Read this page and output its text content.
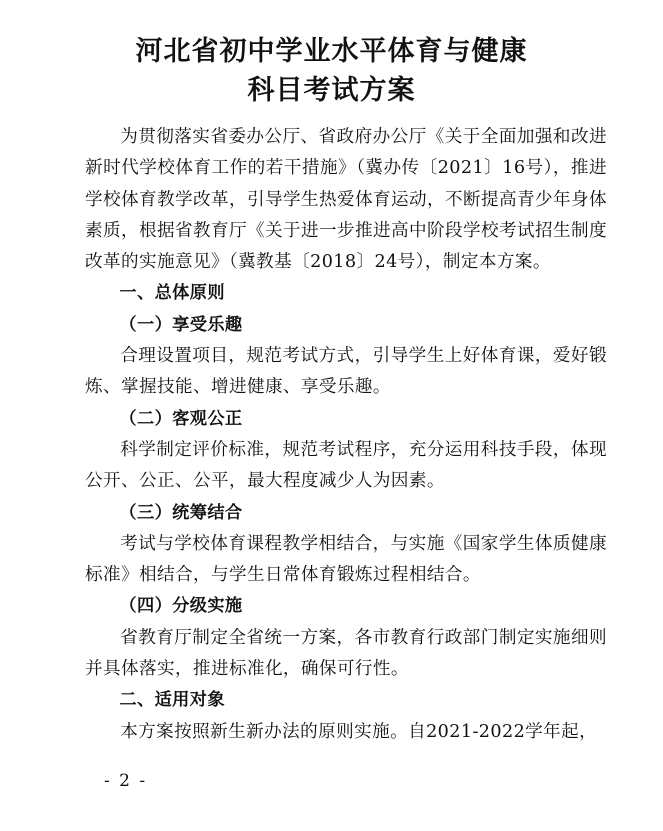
河北省初中学业水平体育与健康
科目考试方案

为贯彻落实省委办公厅、省政府办公厅《关于全面加强和改进新时代学校体育工作的若干措施》（冀办传〔2021〕16号），推进学校体育教学改革，引导学生热爱体育运动，不断提高青少年身体素质，根据省教育厅《关于进一步推进高中阶段学校考试招生制度改革的实施意见》（冀教基〔2018〕24号），制定本方案。

一、总体原则

（一）享受乐趣

合理设置项目，规范考试方式，引导学生上好体育课，爱好锻炼、掌握技能、增进健康、享受乐趣。

（二）客观公正

科学制定评价标准，规范考试程序，充分运用科技手段，体现公开、公正、公平，最大程度减少人为因素。

（三）统筹结合

考试与学校体育课程教学相结合，与实施《国家学生体质健康标准》相结合，与学生日常体育锻炼过程相结合。

（四）分级实施

省教育厅制定全省统一方案，各市教育行政部门制定实施细则并具体落实，推进标准化，确保可行性。

二、适用对象

本方案按照新生新办法的原则实施。自2021-2022学年起，

- 2 -
